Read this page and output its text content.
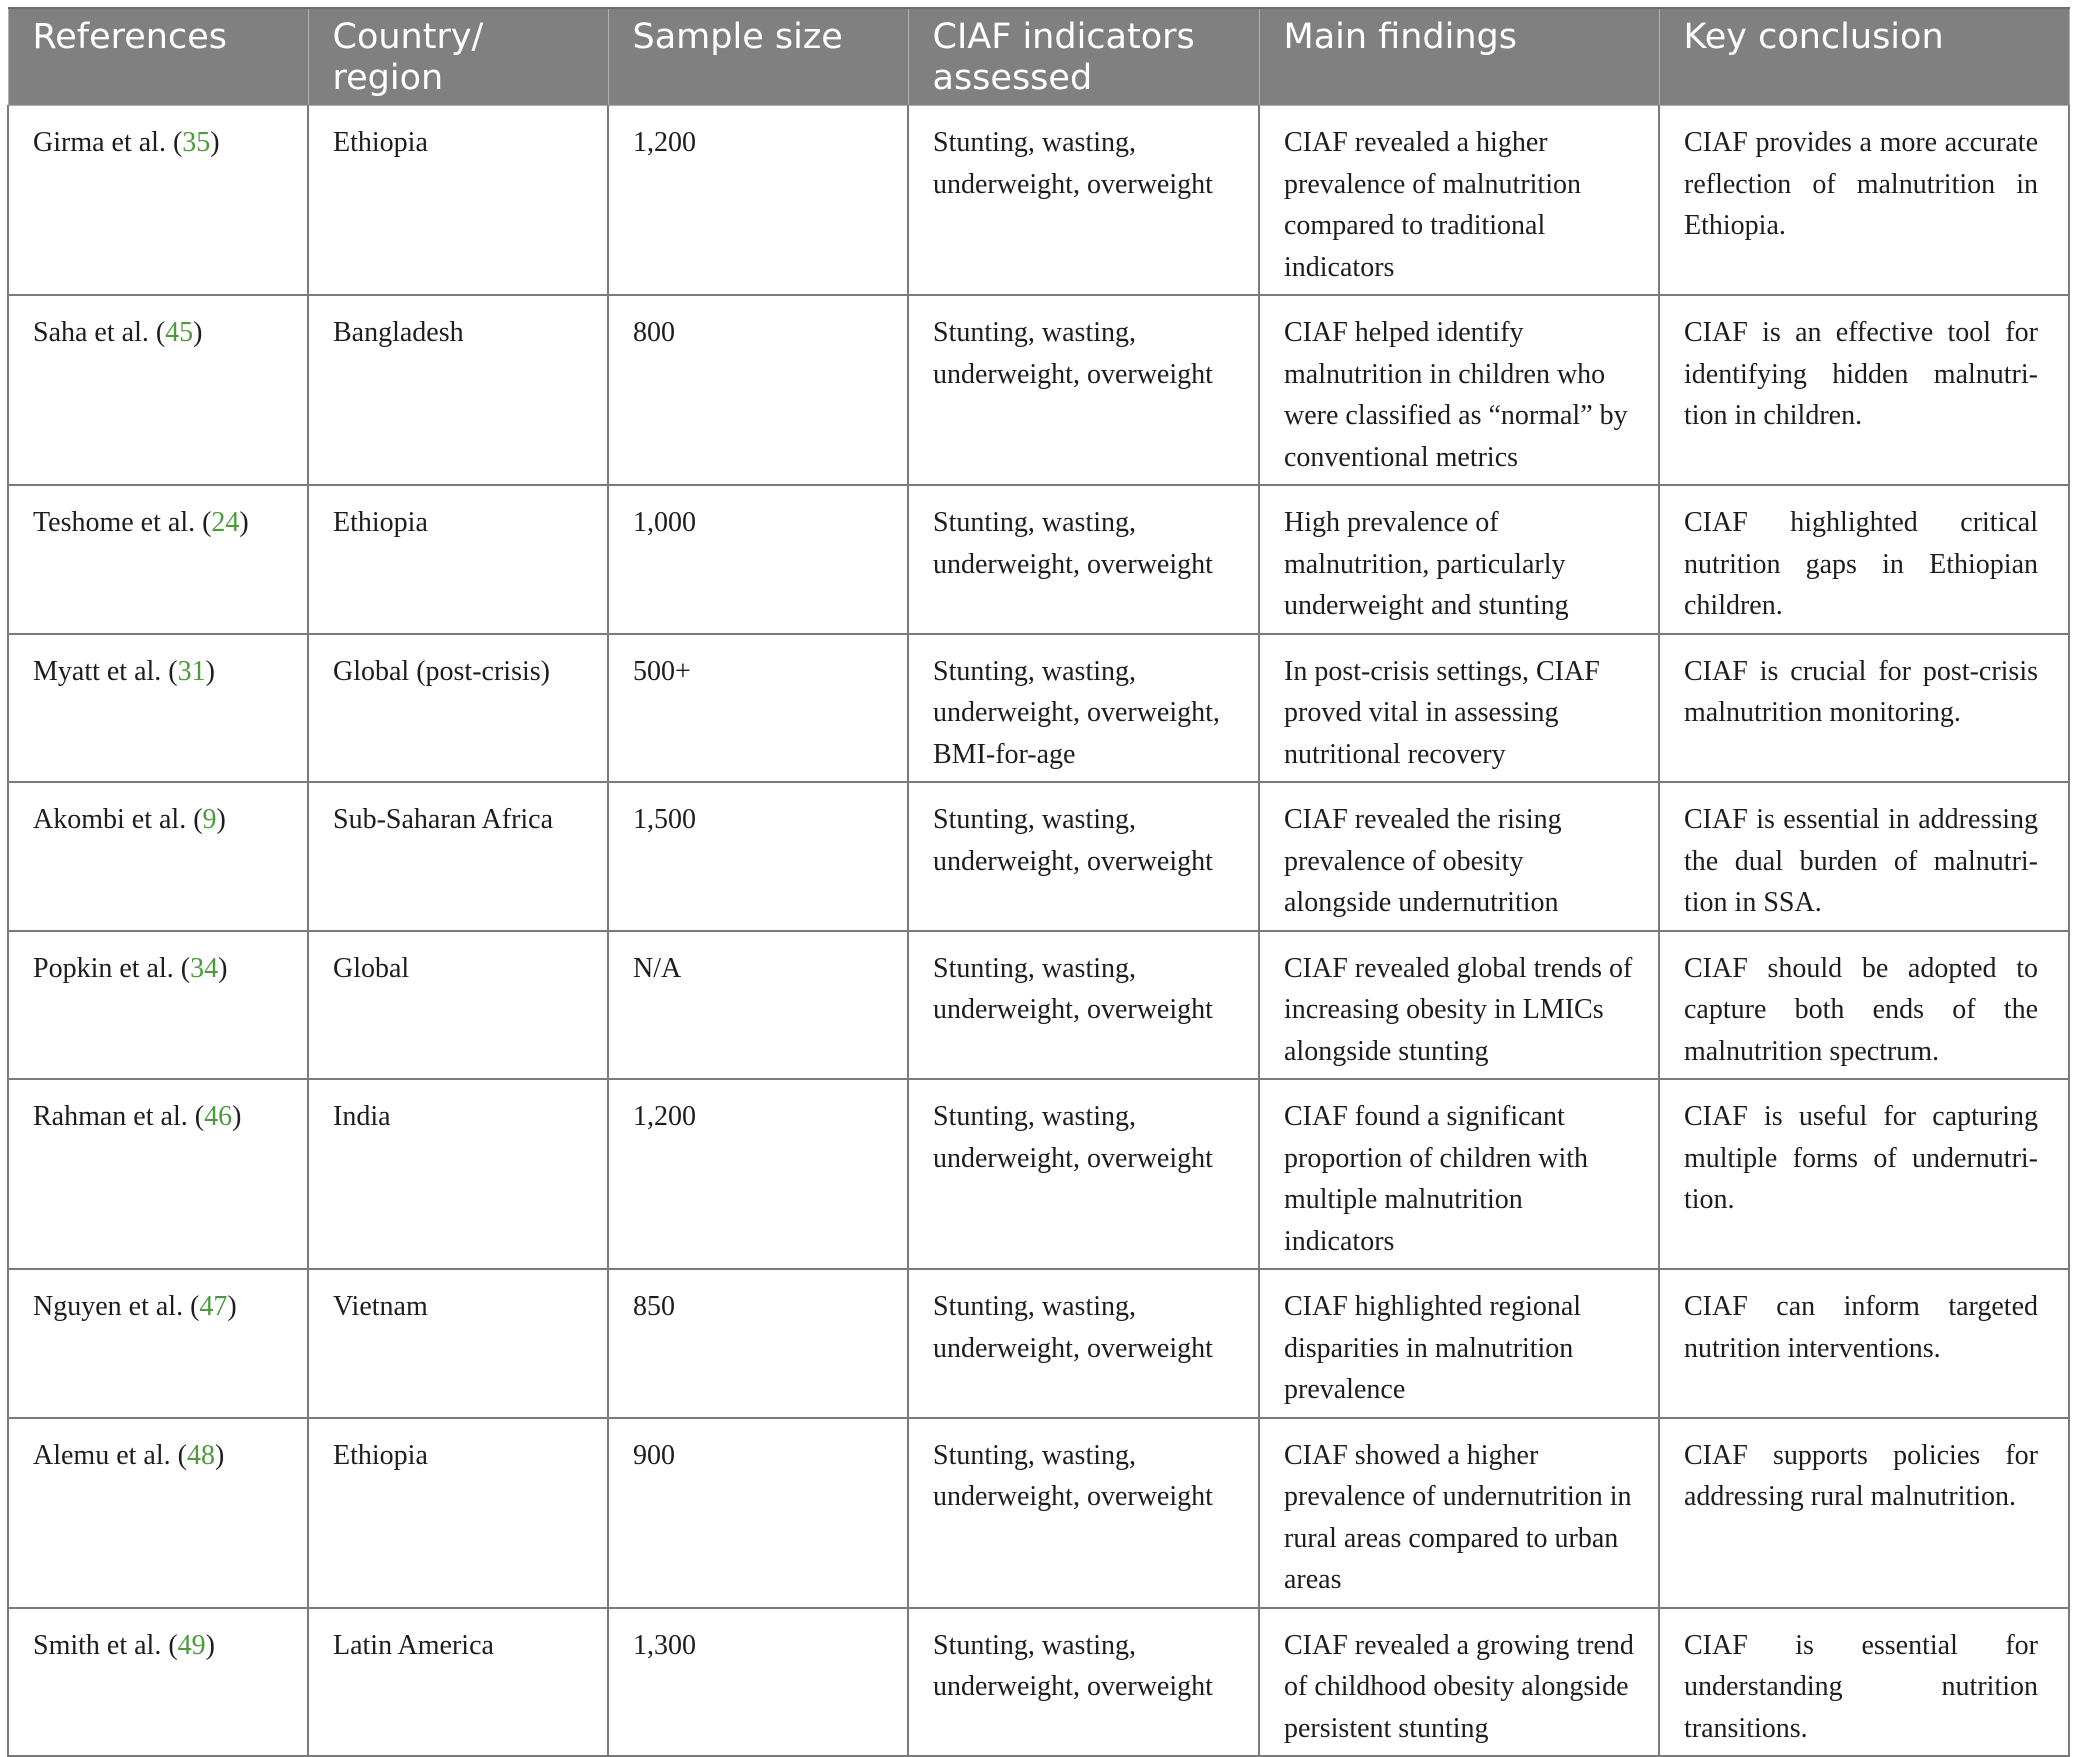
References	Country/ region	Sample size	CIAF indicators assessed	Main findings	Key conclusion
Girma et al. (35)	Ethiopia	1,200	Stunting, wasting, underweight, overweight	CIAF revealed a higher prevalence of malnutrition compared to traditional indicators	CIAF provides a more accurate reflection of malnutrition in Ethiopia.
Saha et al. (45)	Bangladesh	800	Stunting, wasting, underweight, overweight	CIAF helped identify malnutrition in children who were classified as “normal” by conventional metrics	CIAF is an effective tool for identifying hidden malnutri-tion in children.
Teshome et al. (24)	Ethiopia	1,000	Stunting, wasting, underweight, overweight	High prevalence of malnutrition, particularly underweight and stunting	CIAF highlighted critical nutrition gaps in Ethiopian children.
Myatt et al. (31)	Global (post-crisis)	500+	Stunting, wasting, underweight, overweight, BMI-for-age	In post-crisis settings, CIAF proved vital in assessing nutritional recovery	CIAF is crucial for post-crisis malnutrition monitoring.
Akombi et al. (9)	Sub-Saharan Africa	1,500	Stunting, wasting, underweight, overweight	CIAF revealed the rising prevalence of obesity alongside undernutrition	CIAF is essential in addressing the dual burden of malnutri-tion in SSA.
Popkin et al. (34)	Global	N/A	Stunting, wasting, underweight, overweight	CIAF revealed global trends of increasing obesity in LMICs alongside stunting	CIAF should be adopted to capture both ends of the malnutrition spectrum.
Rahman et al. (46)	India	1,200	Stunting, wasting, underweight, overweight	CIAF found a significant proportion of children with multiple malnutrition indicators	CIAF is useful for capturing multiple forms of undernutri-tion.
Nguyen et al. (47)	Vietnam	850	Stunting, wasting, underweight, overweight	CIAF highlighted regional disparities in malnutrition prevalence	CIAF can inform targeted nutrition interventions.
Alemu et al. (48)	Ethiopia	900	Stunting, wasting, underweight, overweight	CIAF showed a higher prevalence of undernutrition in rural areas compared to urban areas	CIAF supports policies for addressing rural malnutrition.
Smith et al. (49)	Latin America	1,300	Stunting, wasting, underweight, overweight	CIAF revealed a growing trend of childhood obesity alongside persistent stunting	CIAF is essential for understanding nutrition transitions.
